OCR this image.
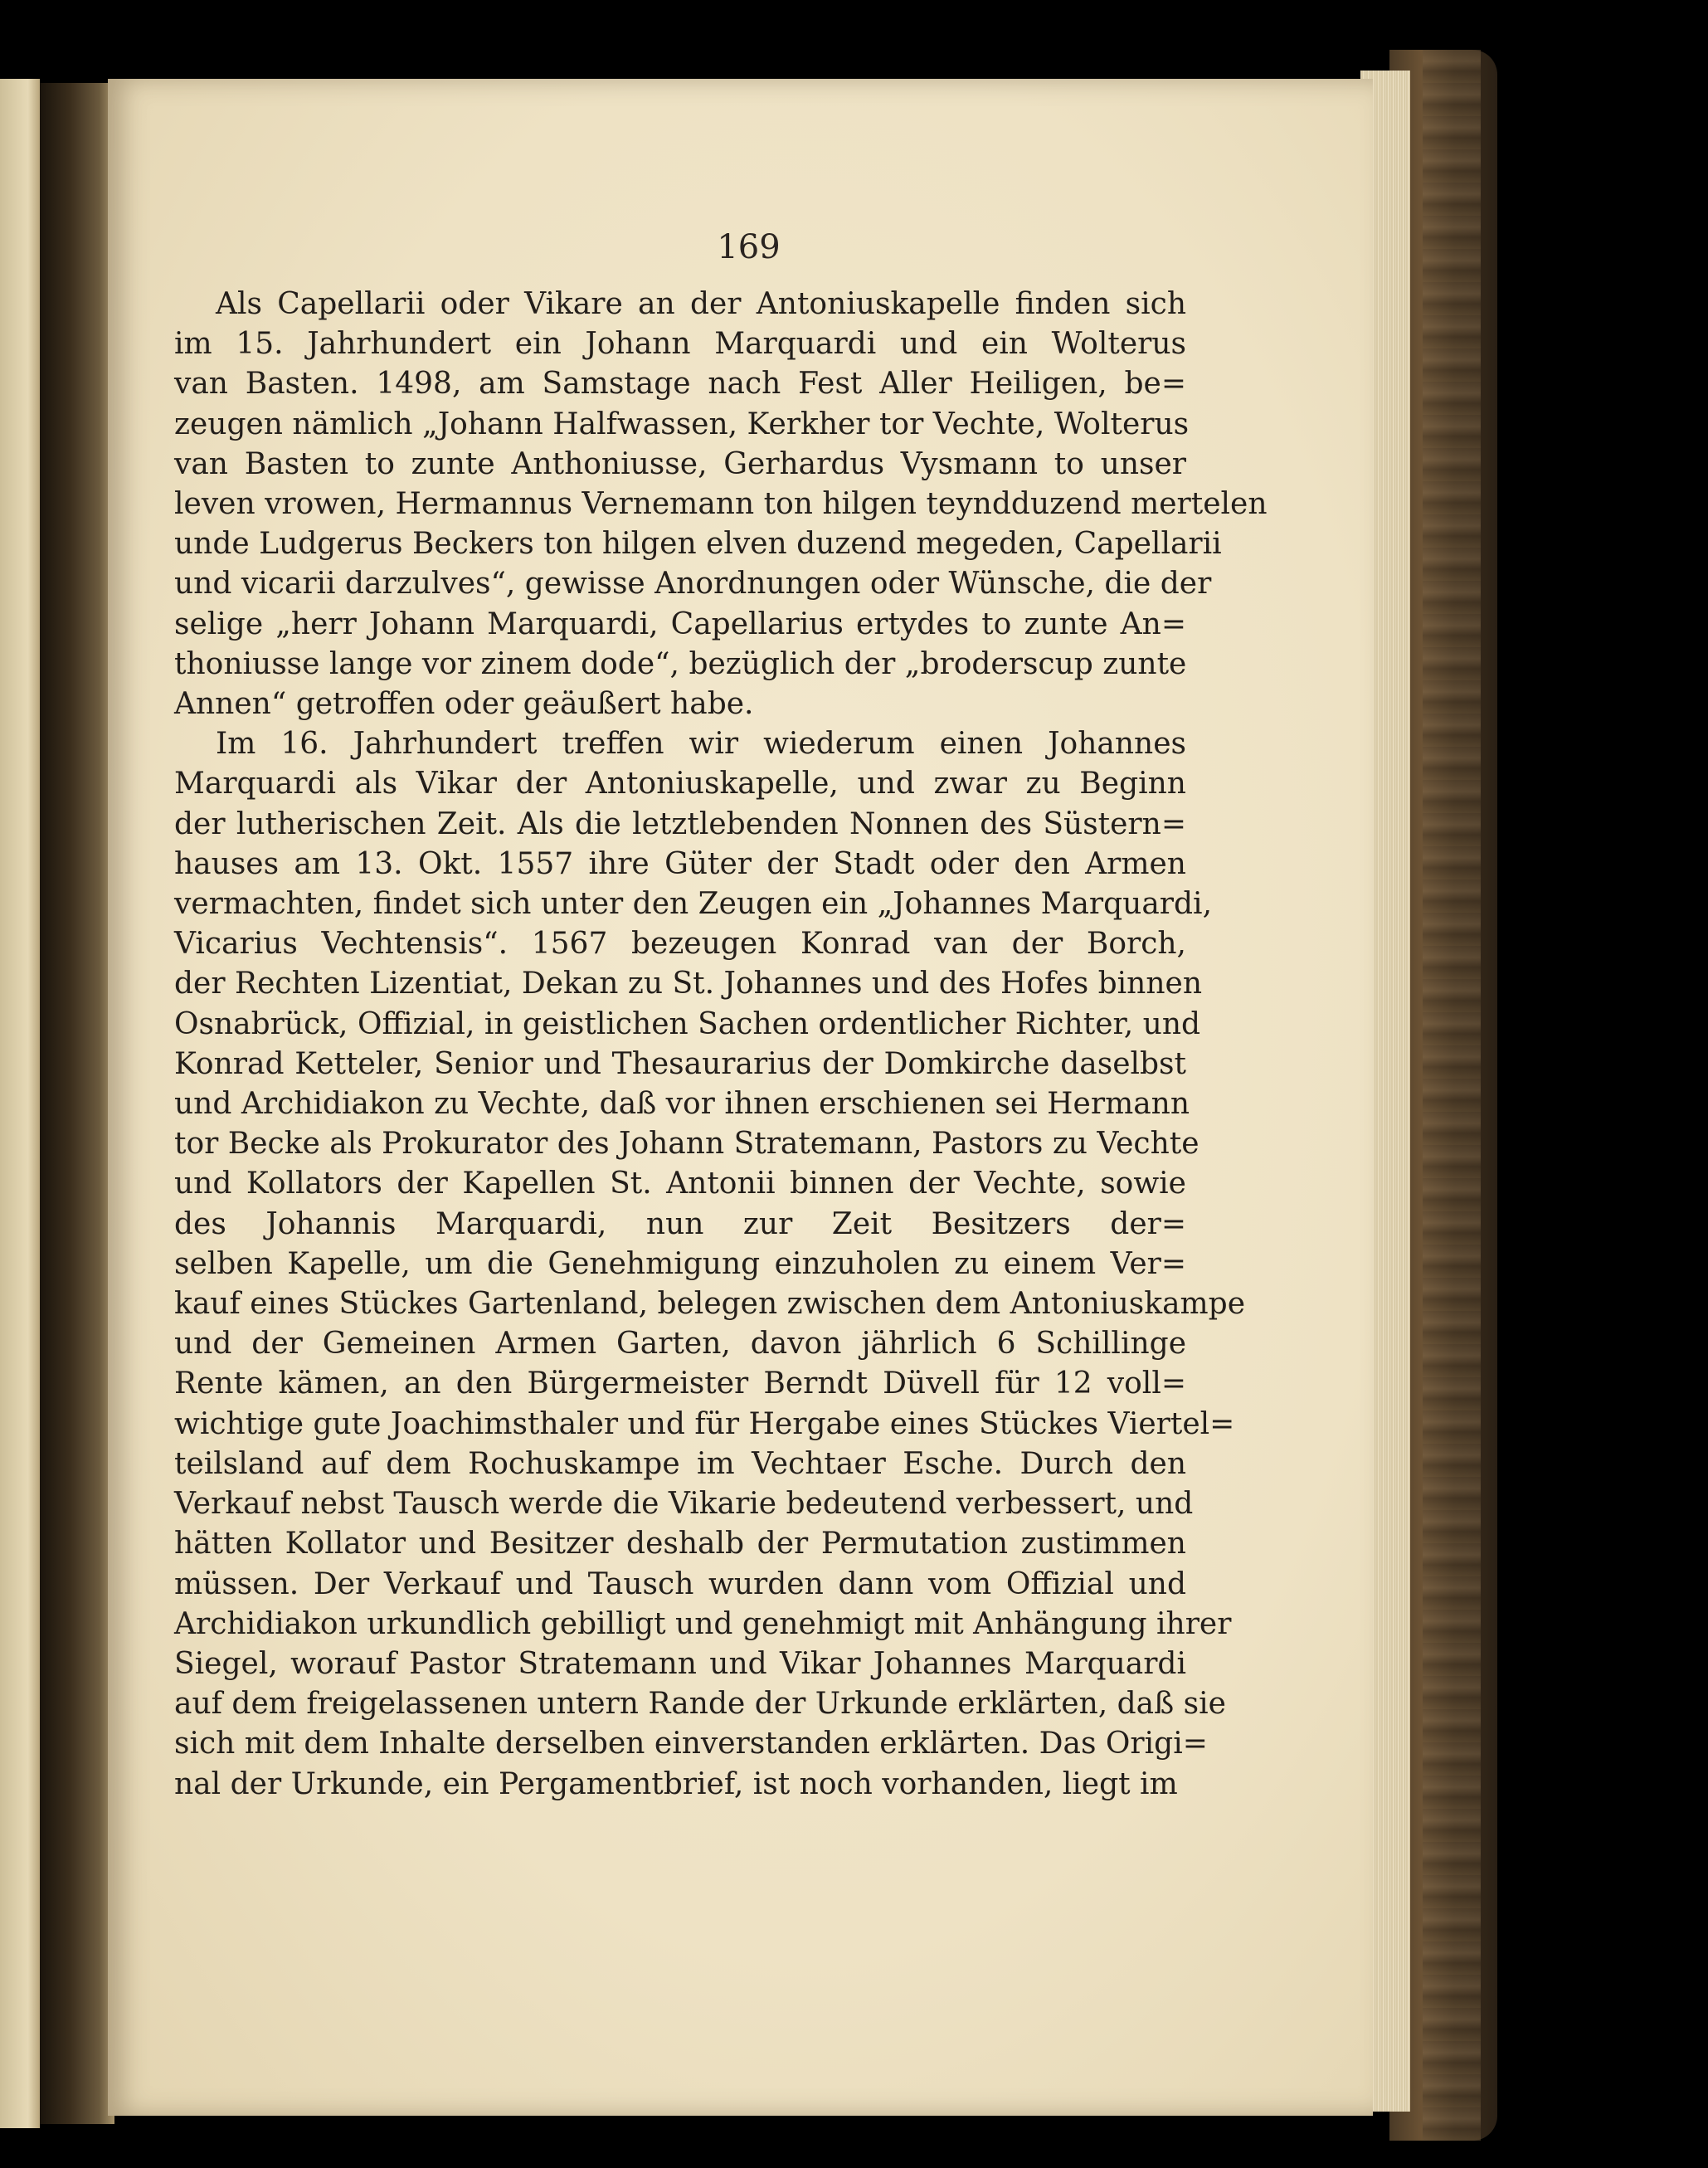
169

Als Capellarii oder Vikare an der Antoniuskapelle finden sich
im 15. Jahrhundert ein Johann Marquardi und ein Wolterus
van Basten. 1498, am Samstage nach Fest Aller Heiligen, be=
zeugen nämlich „Johann Halfwassen, Kerkher tor Vechte, Wolterus
van Basten to zunte Anthoniusse, Gerhardus Vysmann to unser
leven vrowen, Hermannus Vernemann ton hilgen teyndduzend mertelen
unde Ludgerus Beckers ton hilgen elven duzend megeden, Capellarii
und vicarii darzulves“, gewisse Anordnungen oder Wünsche, die der
selige „herr Johann Marquardi, Capellarius ertydes to zunte An=
thoniusse lange vor zinem dode“, bezüglich der „broderscup zunte
Annen“ getroffen oder geäußert habe.

Im 16. Jahrhundert treffen wir wiederum einen Johannes
Marquardi als Vikar der Antoniuskapelle, und zwar zu Beginn
der lutherischen Zeit. Als die letztlebenden Nonnen des Süstern=
hauses am 13. Okt. 1557 ihre Güter der Stadt oder den Armen
vermachten, findet sich unter den Zeugen ein „Johannes Marquardi,
Vicarius Vechtensis“. 1567 bezeugen Konrad van der Borch,
der Rechten Lizentiat, Dekan zu St. Johannes und des Hofes binnen
Osnabrück, Offizial, in geistlichen Sachen ordentlicher Richter, und
Konrad Ketteler, Senior und Thesaurarius der Domkirche daselbst
und Archidiakon zu Vechte, daß vor ihnen erschienen sei Hermann
tor Becke als Prokurator des Johann Stratemann, Pastors zu Vechte
und Kollators der Kapellen St. Antonii binnen der Vechte, sowie
des Johannis Marquardi, nun zur Zeit Besitzers der=
selben Kapelle, um die Genehmigung einzuholen zu einem Ver=
kauf eines Stückes Gartenland, belegen zwischen dem Antoniuskampe
und der Gemeinen Armen Garten, davon jährlich 6 Schillinge
Rente kämen, an den Bürgermeister Berndt Düvell für 12 voll=
wichtige gute Joachimsthaler und für Hergabe eines Stückes Viertel=
teilsland auf dem Rochuskampe im Vechtaer Esche. Durch den
Verkauf nebst Tausch werde die Vikarie bedeutend verbessert, und
hätten Kollator und Besitzer deshalb der Permutation zustimmen
müssen. Der Verkauf und Tausch wurden dann vom Offizial und
Archidiakon urkundlich gebilligt und genehmigt mit Anhängung ihrer
Siegel, worauf Pastor Stratemann und Vikar Johannes Marquardi
auf dem freigelassenen untern Rande der Urkunde erklärten, daß sie
sich mit dem Inhalte derselben einverstanden erklärten. Das Origi=
nal der Urkunde, ein Pergamentbrief, ist noch vorhanden, liegt im
